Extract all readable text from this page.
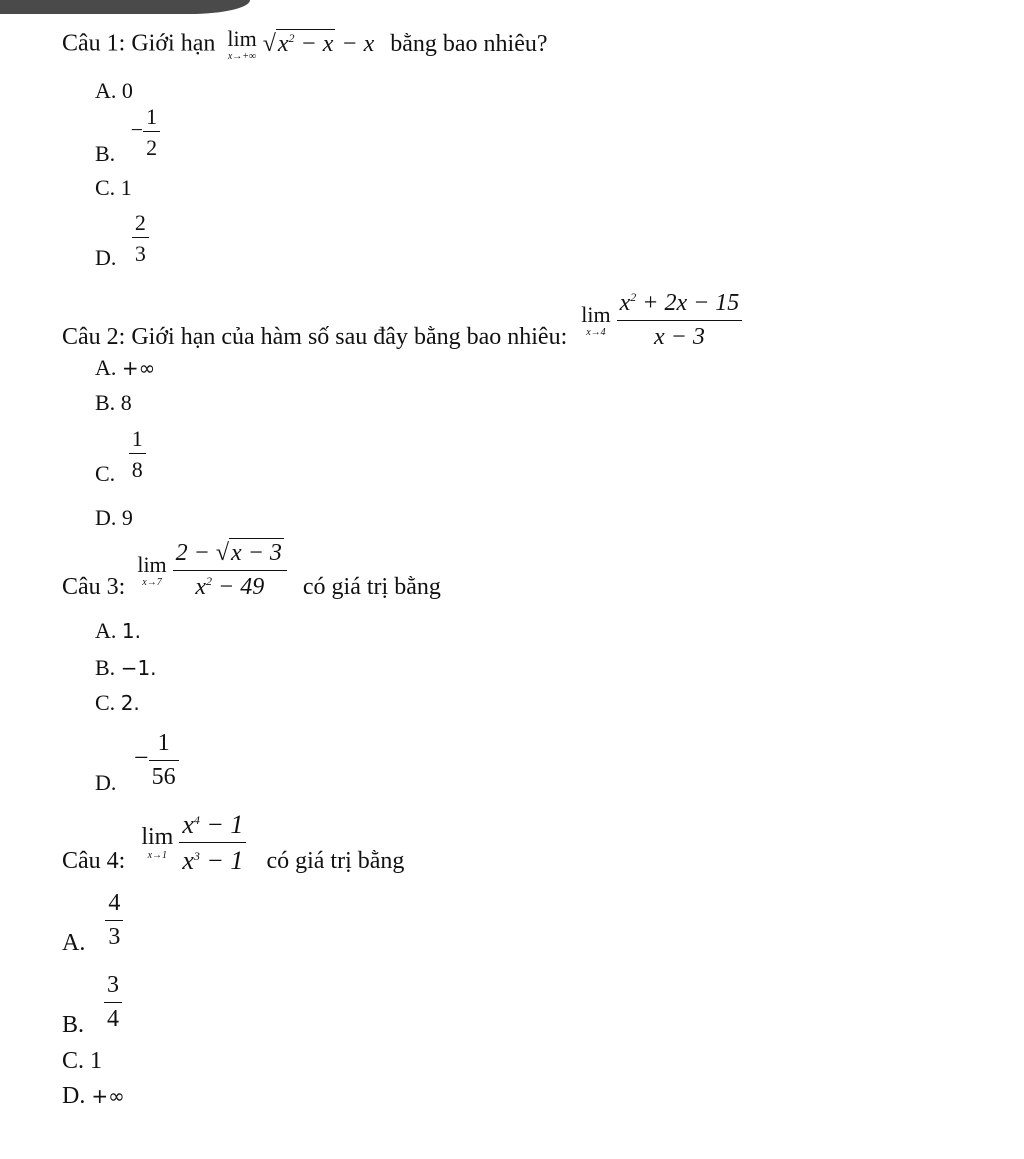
Câu 1: Giới hạn lim
x→+∞ $√x^2 - x - x$ bằng bao nhiêu?
A. 0
B. − $\frac{1}{2}$
C. 1
D. $\frac{2}{3}$
Câu 2: Giới hạn của hàm số sau đây bằng bao nhiêu:
lim
x→4
$\frac{x^2 + 2x - 15}{x - 3}$
A. +∞
B. 8
C. $\frac{1}{8}$
D. 9
Câu 3:
lim
x→7
$\frac{2 - √x - 3}{x^2 - 49}$ có giá trị bằng
A. 1.
B. −1.
C. 2.
D. − $\frac{1}{56}$
Câu 4:
lim
x→1
$\frac{x^4 - 1}{x^3 - 1}$ có giá trị bằng
A. $\frac{4}{3}$
B. $\frac{3}{4}$
C. 1
D. +∞
